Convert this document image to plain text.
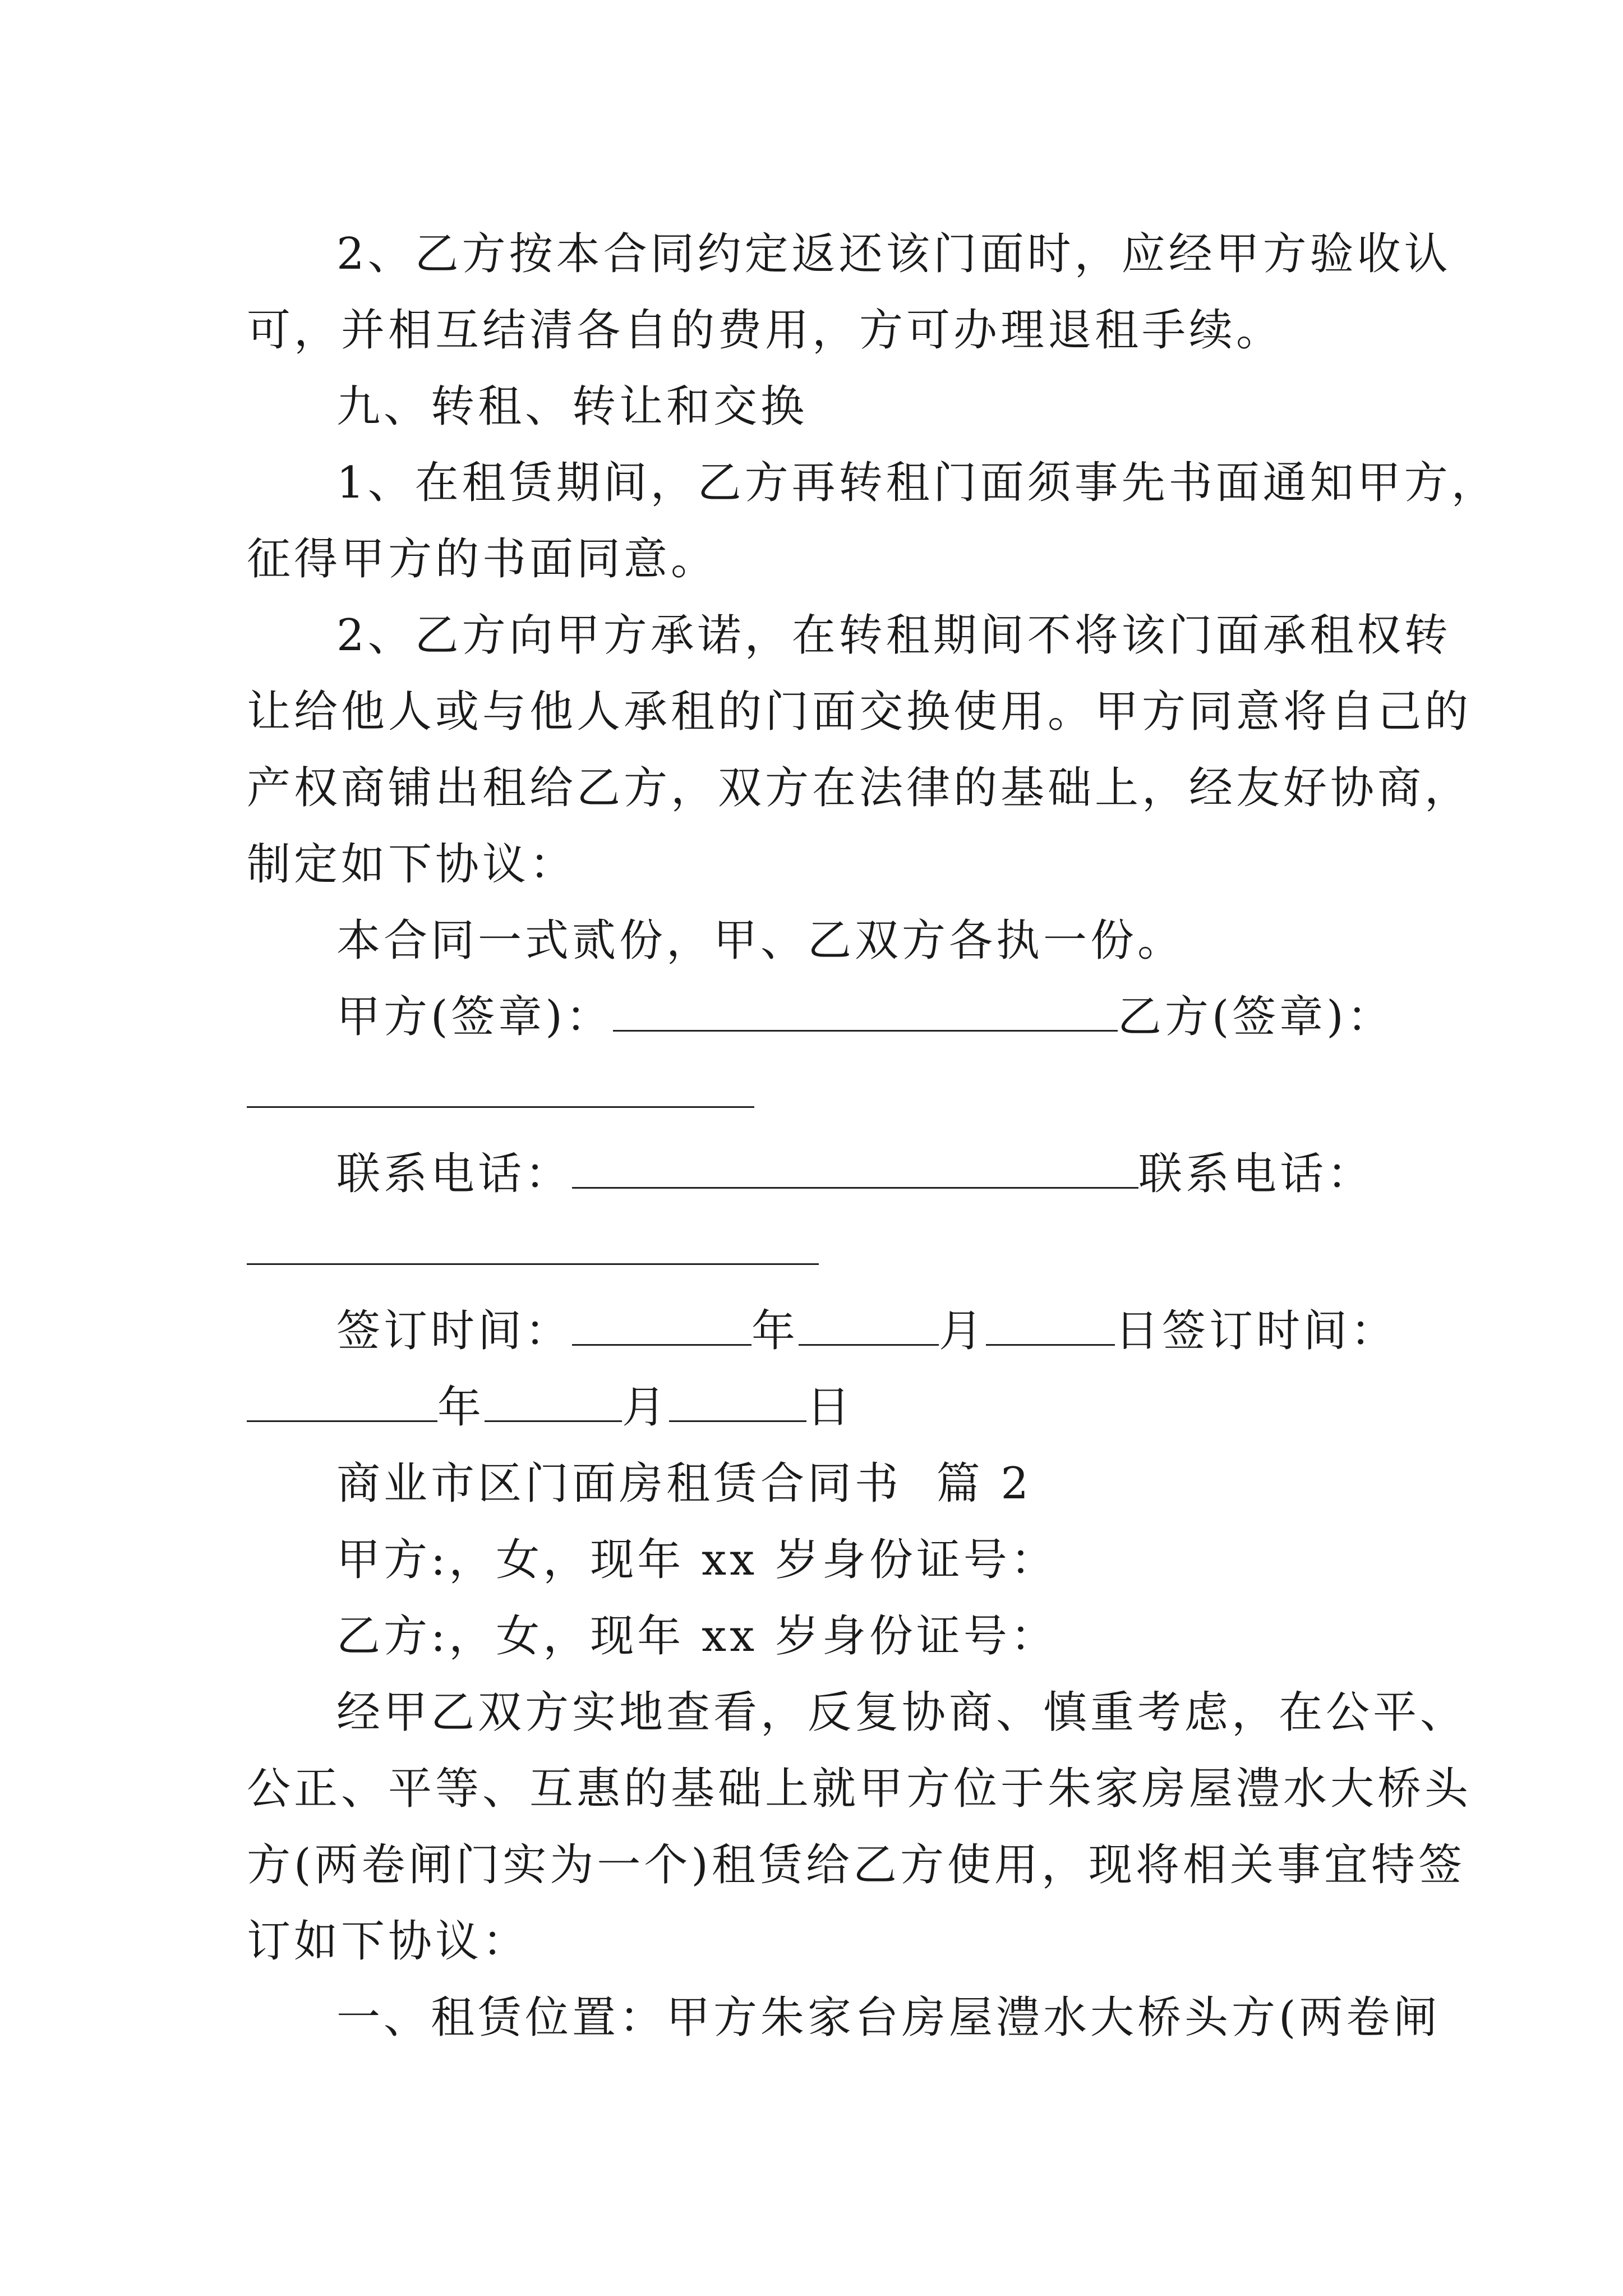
2、乙方按本合同约定返还该门面时，应经甲方验收认
可，并相互结清各自的费用，方可办理退租手续。
九、转租、转让和交换
1、在租赁期间，乙方再转租门面须事先书面通知甲方，
征得甲方的书面同意。
2、乙方向甲方承诺，在转租期间不将该门面承租权转
让给他人或与他人承租的门面交换使用。甲方同意将自己的
产权商铺出租给乙方，双方在法律的基础上，经友好协商，
制定如下协议：
本合同一式贰份，甲、乙双方各执一份。
甲方(签章)：	乙方(签章)：
联系电话：	联系电话：
签订时间：	年	月	日签订时间：
年	月	日
商业市区门面房租赁合同书  篇 2
甲方:，女，现年 xx 岁身份证号：
乙方:，女，现年 xx 岁身份证号：
经甲乙双方实地查看，反复协商、慎重考虑，在公平、
公正、平等、互惠的基础上就甲方位于朱家房屋澧水大桥头
方(两卷闸门实为一个)租赁给乙方使用，现将相关事宜特签
订如下协议：
一、租赁位置：甲方朱家台房屋澧水大桥头方(两卷闸
